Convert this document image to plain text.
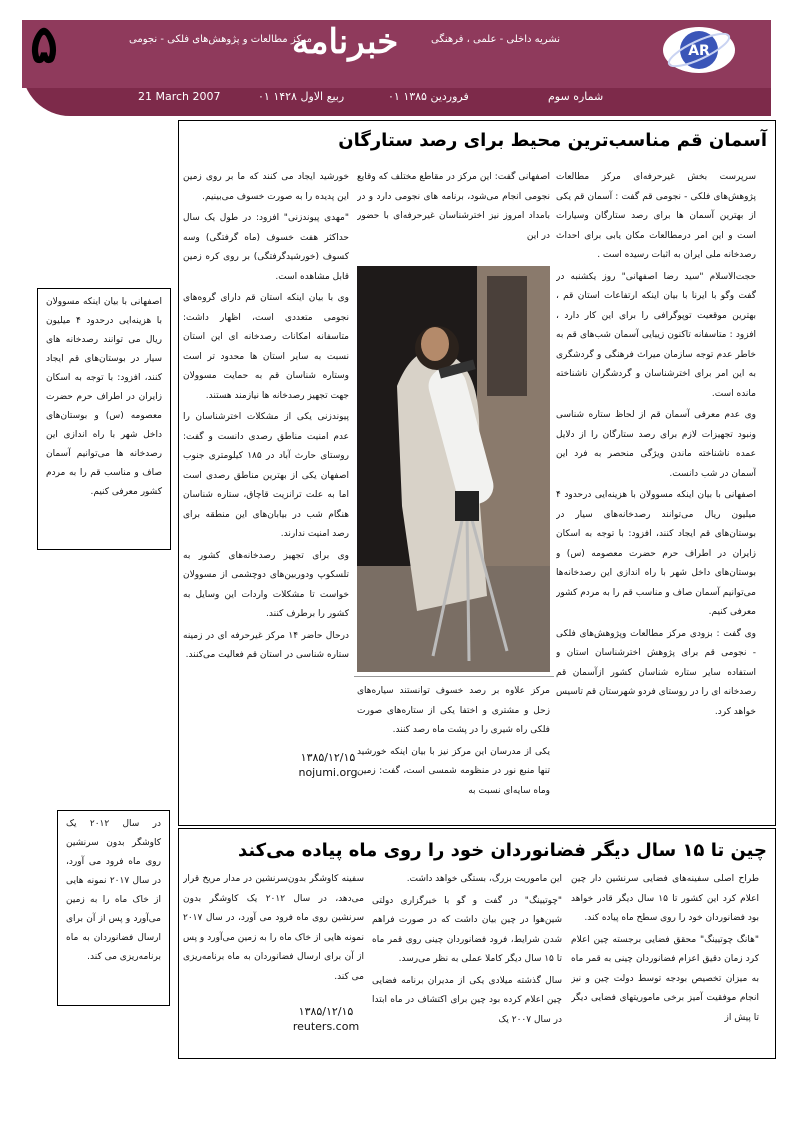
۵	AR
خبرنامه
مرکز مطالعات و پژوهش‌های فلکی - نجومی	نشریه داخلی - علمی ، فرهنگی
شماره سوم
۰۱ فروردین ۱۳۸۵
۰۱ ربیع الاول ۱۴۲۸
21 March 2007
آسمان قم مناسب‌ترین محیط برای رصد ستارگان

سرپرست بخش غیرحرفه‌ای مرکز مطالعات پژوهش‌های فلکی - نجومی قم گفت : آسمان قم یکی از بهترین آسمان ها برای رصد ستارگان وسیارات است و این امر درمطالعات مکان یابی برای احداث رصدخانه ملی ایران به اثبات رسیده است .

حجت‌الاسلام "سید رضا اصفهانی" روز یکشنبه در گفت وگو با ایرنا با بیان اینکه ارتفاعات استان قم ، بهترین موقعیت توپوگرافی را برای این کار دارد ، افزود : متاسفانه تاکنون زیبایی آسمان شب‌های قم به خاطر عدم توجه سازمان میراث فرهنگی و گردشگری به این امر برای اخترشناسان و گردشگران ناشناخته مانده است.

وی عدم معرفی آسمان قم از لحاظ ستاره شناسی ونبود تجهیزات لازم برای رصد ستارگان را از دلایل عمده ناشناخته ماندن ویژگی منحصر به فرد این آسمان در شب دانست.

اصفهانی با بیان اینکه مسوولان با هزینه‌ایی درحدود ۴ میلیون ریال می‌توانند رصدخانه‌های سیار در بوستان‌های قم ایجاد کنند، افزود: با توجه به اسکان زایران در اطراف حرم حضرت معصومه (س) و بوستان‌های داخل شهر با راه اندازی این رصدخانه‌ها می‌توانیم آسمان صاف و مناسب قم را به مردم کشور معرفی کنیم.

وی گفت : بزودی مرکز مطالعات وپژوهش‌های فلکی - نجومی قم برای پژوهش اخترشناسان استان و استفاده سایر ستاره شناسان کشور ازآسمان قم رصدخانه ای را در روستای فردو شهرستان قم تاسیس خواهد کرد.

اصفهانی گفت: این مرکز در مقاطع مختلف که وقایع نجومی انجام می‌شود، برنامه های نجومی دارد و در بامداد امروز نیز اخترشناسان غیرحرفه‌ای با حضور در این

مرکز علاوه بر رصد خسوف توانستند سیاره‌های زحل و مشتری و اختفا یکی از ستاره‌های صورت فلکی راه شیری را در پشت ماه رصد کنند.

یکی از مدرسان این مرکز نیز با بیان اینکه خورشید تنها منبع نور در منظومه شمسی است، گفت: زمین وماه سایه‌ای نسبت به

خورشید ایجاد می کنند که ما بر روی زمین این پدیده را به صورت خسوف می‌بینیم.

"مهدی پیوندزنی" افزود: در طول یک سال حداکثر هفت خسوف (ماه گرفتگی) وسه کسوف (خورشیدگرفتگی) بر روی کره زمین قابل مشاهده است.

وی با بیان اینکه استان قم دارای گروه‌های نجومی متعددی است، اظهار داشت: متاسفانه امکانات رصدخانه ای این استان نسبت به سایر استان ها محدود تر است وستاره شناسان قم به حمایت مسوولان جهت تجهیز رصدخانه ها نیازمند هستند.

پیوندزنی یکی از مشکلات اخترشناسان را عدم امنیت مناطق رصدی دانست و گفت: روستای حارث آباد در ۱۸۵ کیلومتری جنوب اصفهان یکی از بهترین مناطق رصدی است اما به علت ترانزیت قاچاق، ستاره شناسان هنگام شب در بیابان‌های این منطقه برای رصد امنیت ندارند.

وی برای تجهیز رصدخانه‌های کشور به تلسکوپ ودوربین‌های دوچشمی از مسوولان خواست تا مشکلات واردات این وسایل به کشور را برطرف کنند.

درحال حاضر ۱۴ مرکز غیرحرفه ای در زمینه ستاره شناسی در استان قم فعالیت می‌کنند.

۱۳۸۵/۱۲/۱۵
nojumi.org

اصفهانی با بیان اینکه مسوولان با هزینه‌ایی درحدود ۴ میلیون ریال می توانند رصدخانه های سیار در بوستان‌های قم ایجاد کنند، افزود: با توجه به اسکان زایران در اطراف حرم حضرت معصومه (س) و بوستان‌های داخل شهر با راه اندازی این رصدخانه ها می‌توانیم آسمان صاف و مناسب قم را به مردم کشور معرفی کنیم.

چین تا ۱۵ سال دیگر فضانوردان خود را روی ماه پیاده می‌کند

طراح اصلی سفینه‌های فضایی سرنشین دار چین اعلام کرد این کشور تا ۱۵ سال دیگر قادر خواهد بود فضانوردان خود را روی سطح ماه پیاده کند.

"هانگ چوتیینگ" محقق فضایی برجسته چین اعلام کرد زمان دقیق اعزام فضانوردان چینی به قمر ماه به میزان تخصیص بودجه توسط دولت چین و نیز انجام موفقیت آمیز برخی ماموریتهای فضایی دیگر تا پیش از

این ماموریت بزرگ، بستگی خواهد داشت.

"چوتیینگ" در گفت و گو با خبرگزاری دولتی شین‌هوا در چین بیان داشت که در صورت فراهم شدن شرایط، فرود فضانوردان چینی روی قمر ماه تا ۱۵ سال دیگر کاملا عملی به نظر می‌رسد.

سال گذشته میلادی یکی از مدیران برنامه فضایی چین اعلام کرده بود چین برای اکتشاف در ماه ابتدا در سال ۲۰۰۷ یک

سفینه کاوشگر بدون‌سرنشین در مدار مریخ قرار می‌دهد، در سال ۲۰۱۲ یک کاوشگر بدون سرنشین روی ماه فرود می آورد، در سال ۲۰۱۷ نمونه هایی از خاک ماه را به زمین می‌آورد و پس از آن برای ارسال فضانوردان به ماه برنامه‌ریزی می کند.

۱۳۸۵/۱۲/۱۵
reuters.com

در سال ۲۰۱۲ یک کاوشگر بدون سرنشین روی ماه فرود می آورد، در سال ۲۰۱۷ نمونه هایی از خاک ماه را به زمین می‌آورد و پس از آن برای ارسال فضانوردان به ماه برنامه‌ریزی می کند.
